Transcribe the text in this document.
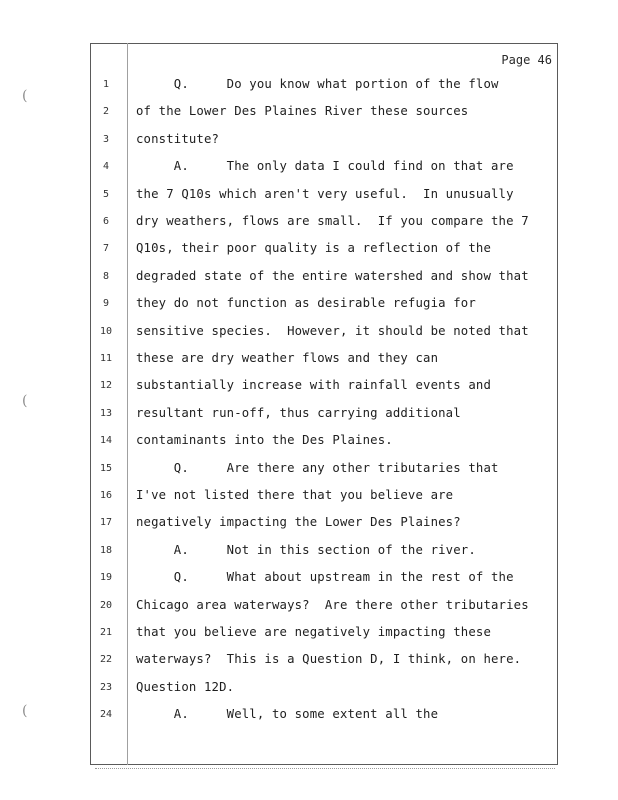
Page 46
(
(
(
1	Q.     Do you know what portion of the flow
2	of the Lower Des Plaines River these sources
3	constitute?
4	A.     The only data I could find on that are
5	the 7 Q10s which aren't very useful.  In unusually
6	dry weathers, flows are small.  If you compare the 7
7	Q10s, their poor quality is a reflection of the
8	degraded state of the entire watershed and show that
9	they do not function as desirable refugia for
10 sensitive species.  However, it should be noted that
11 these are dry weather flows and they can
12 substantially increase with rainfall events and
13 resultant run-off, thus carrying additional
14 contaminants into the Des Plaines.
15 Q.     Are there any other tributaries that
16 I've not listed there that you believe are
17 negatively impacting the Lower Des Plaines?
18 A.     Not in this section of the river.
19 Q.     What about upstream in the rest of the
20 Chicago area waterways?  Are there other tributaries
21 that you believe are negatively impacting these
22 waterways?  This is a Question D, I think, on here.
23 Question 12D.
24 A.     Well, to some extent all the
